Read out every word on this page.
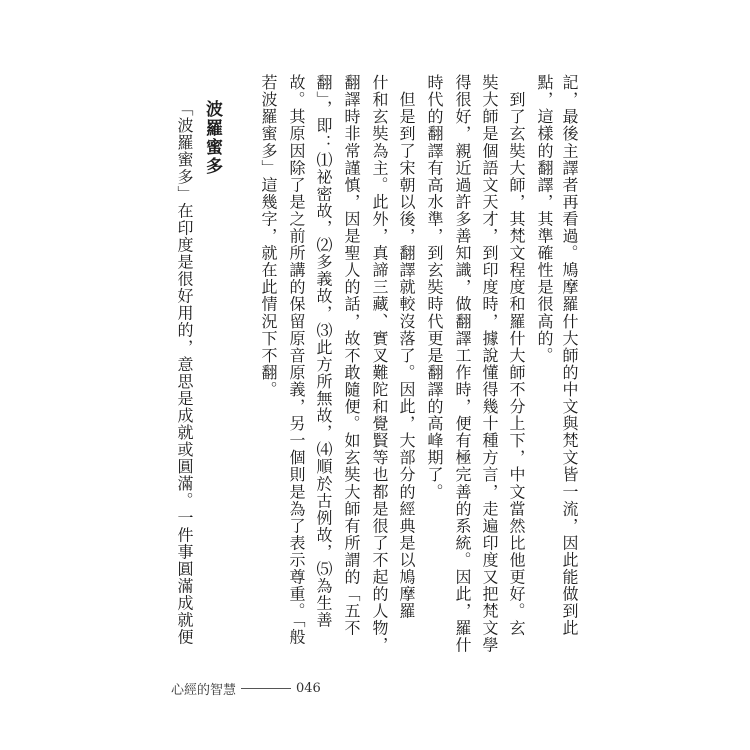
記，最後主譯者再看過。鳩摩羅什大師的中文與梵文皆一流，因此能做到此
點，這樣的翻譯，其準確性是很高的。
　到了玄奘大師，其梵文程度和羅什大師不分上下，中文當然比他更好。玄
奘大師是個語文天才，到印度時，據說懂得幾十種方言，走遍印度又把梵文學
得很好，親近過許多善知識，做翻譯工作時，便有極完善的系統。因此，羅什
時代的翻譯有高水準，到玄奘時代更是翻譯的高峰期了。
　但是到了宋朝以後，翻譯就較沒落了。因此，大部分的經典是以鳩摩羅
什和玄奘為主。此外，真諦三藏、實叉難陀和覺賢等也都是很了不起的人物，
翻譯時非常謹慎，因是聖人的話，故不敢隨便。如玄奘大師有所謂的「五不
翻」，即：⑴祕密故，⑵多義故，⑶此方所無故，⑷順於古例故，⑸為生善
故。其原因除了是之前所講的保留原音原義，另一個則是為了表示尊重。「般
若波羅蜜多」這幾字，就在此情況下不翻。
波羅蜜多
「波羅蜜多」在印度是很好用的，意思是成就或圓滿。一件事圓滿成就便
心經的智慧	046
